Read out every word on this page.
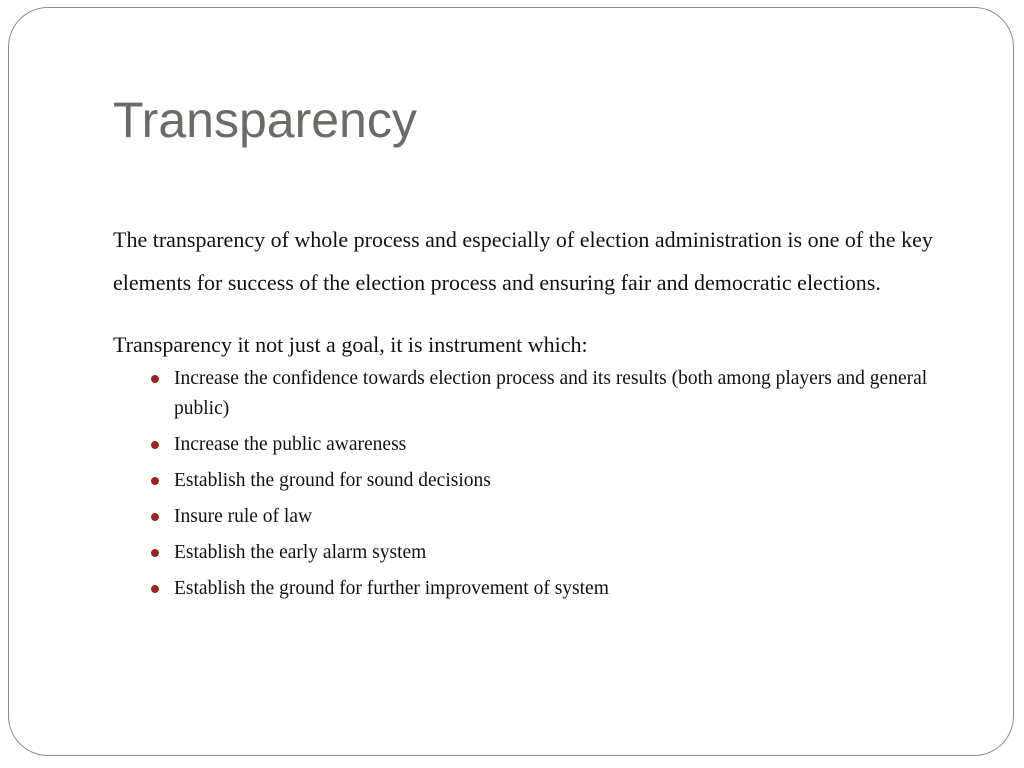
Transparency

The transparency of whole process and especially of election administration is one of the key elements for success of the election process and ensuring fair and democratic elections.

Transparency it not just a goal, it is instrument which:

Increase the confidence towards election process and its results (both among players and general public)
Increase the public awareness
Establish the ground for sound decisions
Insure rule of law
Establish the early alarm system
Establish the ground for further improvement of system
